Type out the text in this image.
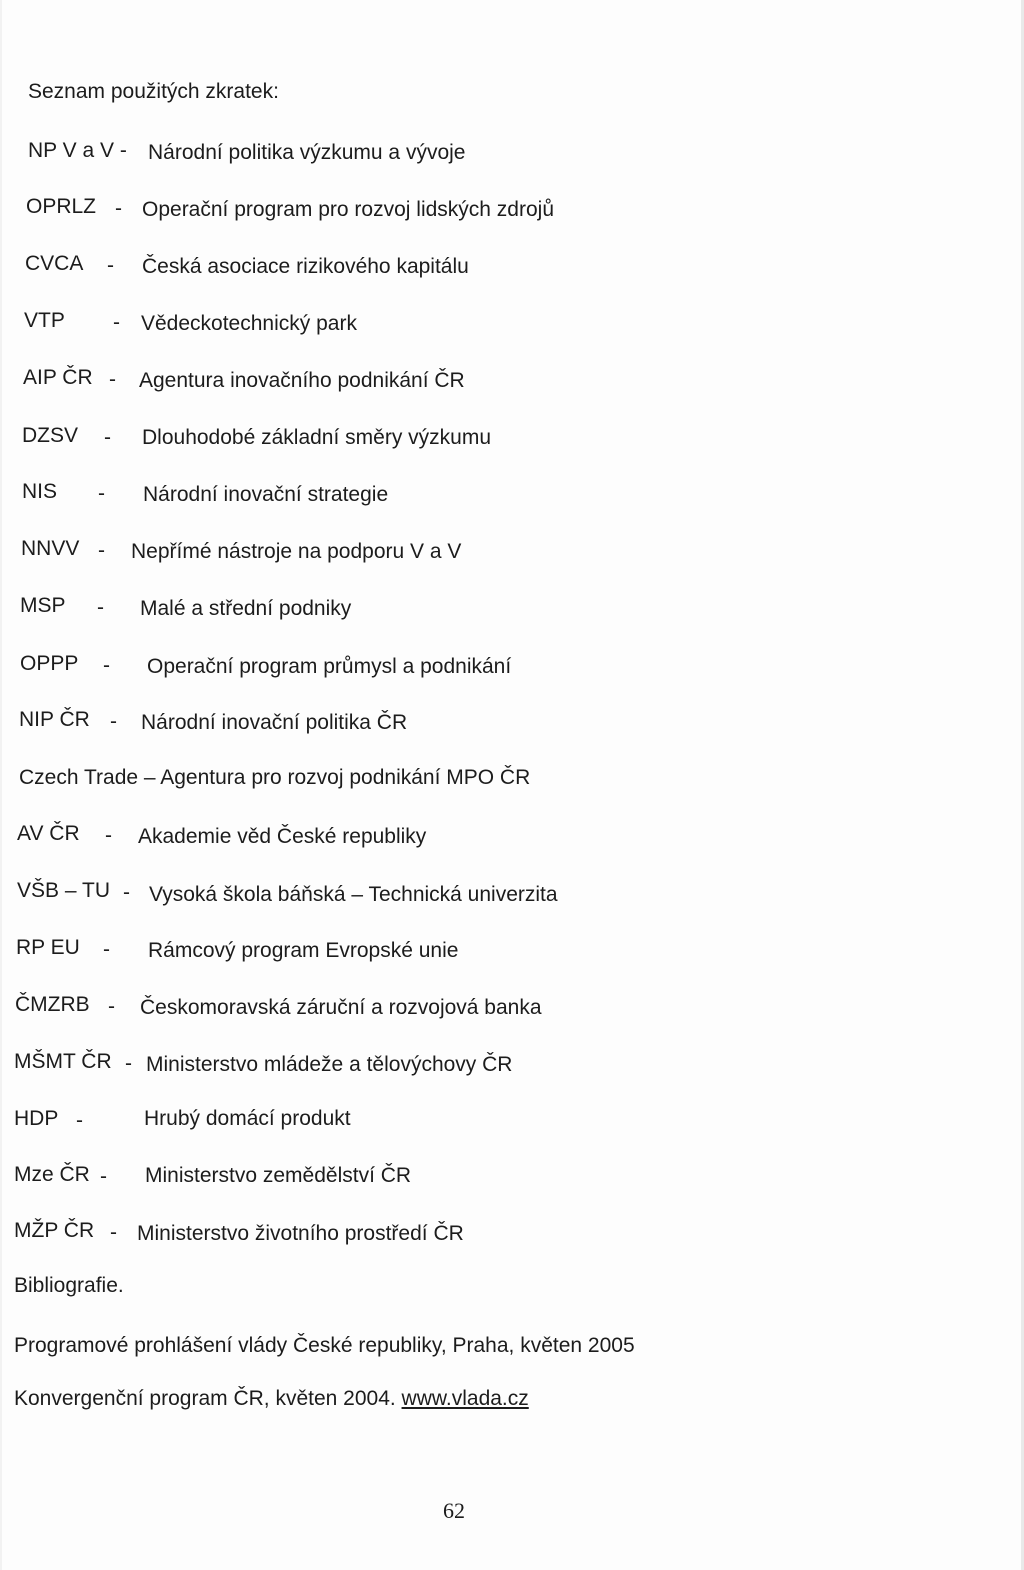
Seznam použitých zkratek:
NP V a V - Národní politika výzkumu a vývoje
OPRLZ - Operační program pro rozvoj lidských zdrojů
CVCA - Česká asociace rizikového kapitálu
VTP - Vědeckotechnický park
AIP ČR - Agentura inovačního podnikání ČR
DZSV - Dlouhodobé základní směry výzkumu
NIS - Národní inovační strategie
NNVV - Nepřímé nástroje na podporu V a V
MSP - Malé a střední podniky
OPPP - Operační program průmysl a podnikání
NIP ČR - Národní inovační politika ČR
Czech Trade – Agentura pro rozvoj podnikání MPO ČR
AV ČR - Akademie věd České republiky
VŠB – TU - Vysoká škola báňská – Technická univerzita
RP EU - Rámcový program Evropské unie
ČMZRB - Českomoravská záruční a rozvojová banka
MŠMT ČR - Ministerstvo mládeže a tělovýchovy ČR
HDP -	Hrubý domácí produkt
Mze ČR - Ministerstvo zemědělství ČR
MŽP ČR - Ministerstvo životního prostředí ČR
Bibliografie.
Programové prohlášení vlády České republiky, Praha, květen 2005
Konvergenční program ČR, květen 2004. www.vlada.cz
62
